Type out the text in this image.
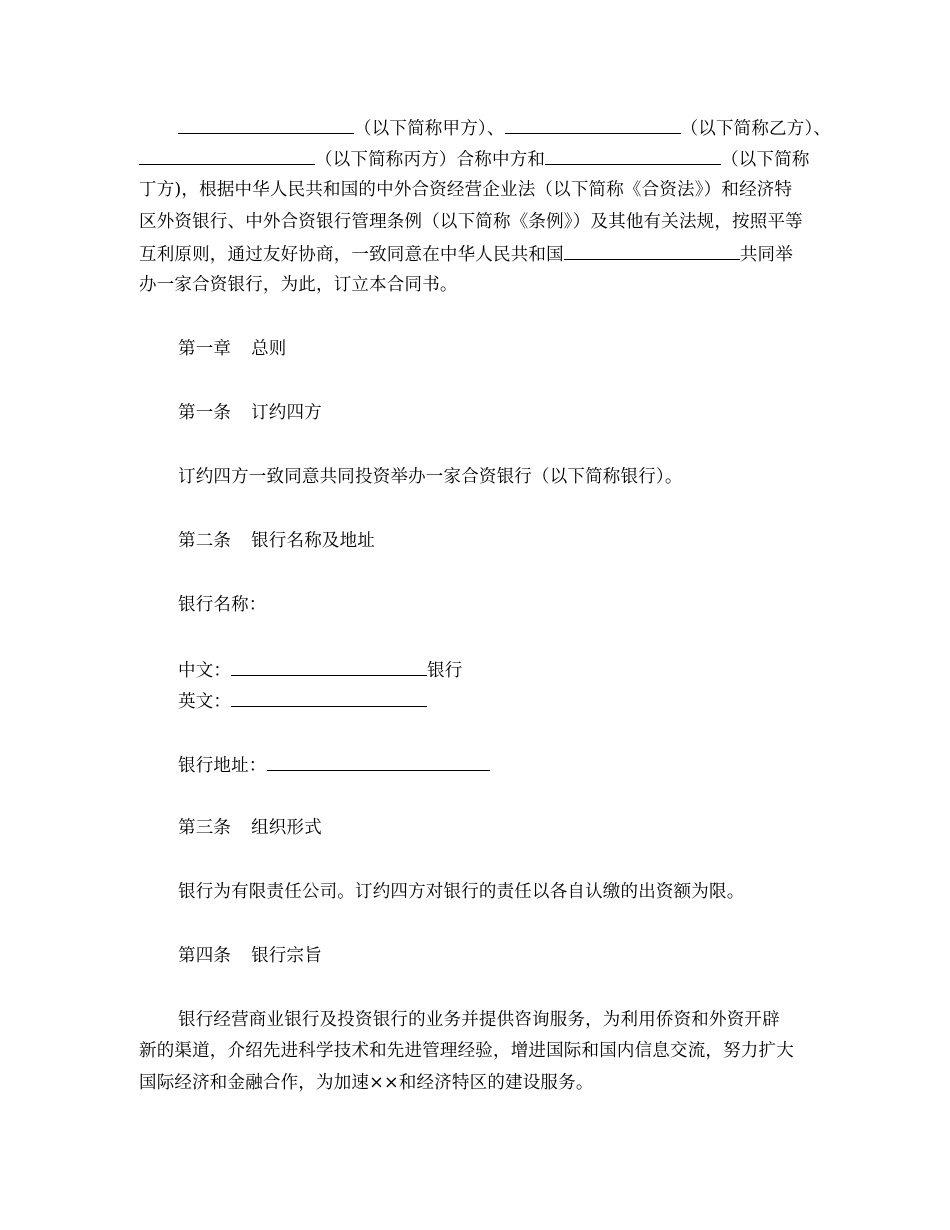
（以下简称甲方）、	（以下简称乙方）、
（以下简称丙方）合称中方和	（以下简称
丁方)，根据中华人民共和国的中外合资经营企业法（以下简称《合资法》）和经济特
区外资银行、中外合资银行管理条例（以下简称《条例》）及其他有关法规，按照平等
互利原则，通过友好协商，一致同意在中华人民共和国	共同举
办一家合资银行，为此，订立本合同书。
第一章 总则
第一条 订约四方
订约四方一致同意共同投资举办一家合资银行（以下简称银行）。
第二条 银行名称及地址
银行名称：
中文：	银行
英文：
银行地址：
第三条 组织形式
银行为有限责任公司。订约四方对银行的责任以各自认缴的出资额为限。
第四条 银行宗旨
银行经营商业银行及投资银行的业务并提供咨询服务，为利用侨资和外资开辟
新的渠道，介绍先进科学技术和先进管理经验，增进国际和国内信息交流，努力扩大
国际经济和金融合作，为加速××和经济特区的建设服务。
